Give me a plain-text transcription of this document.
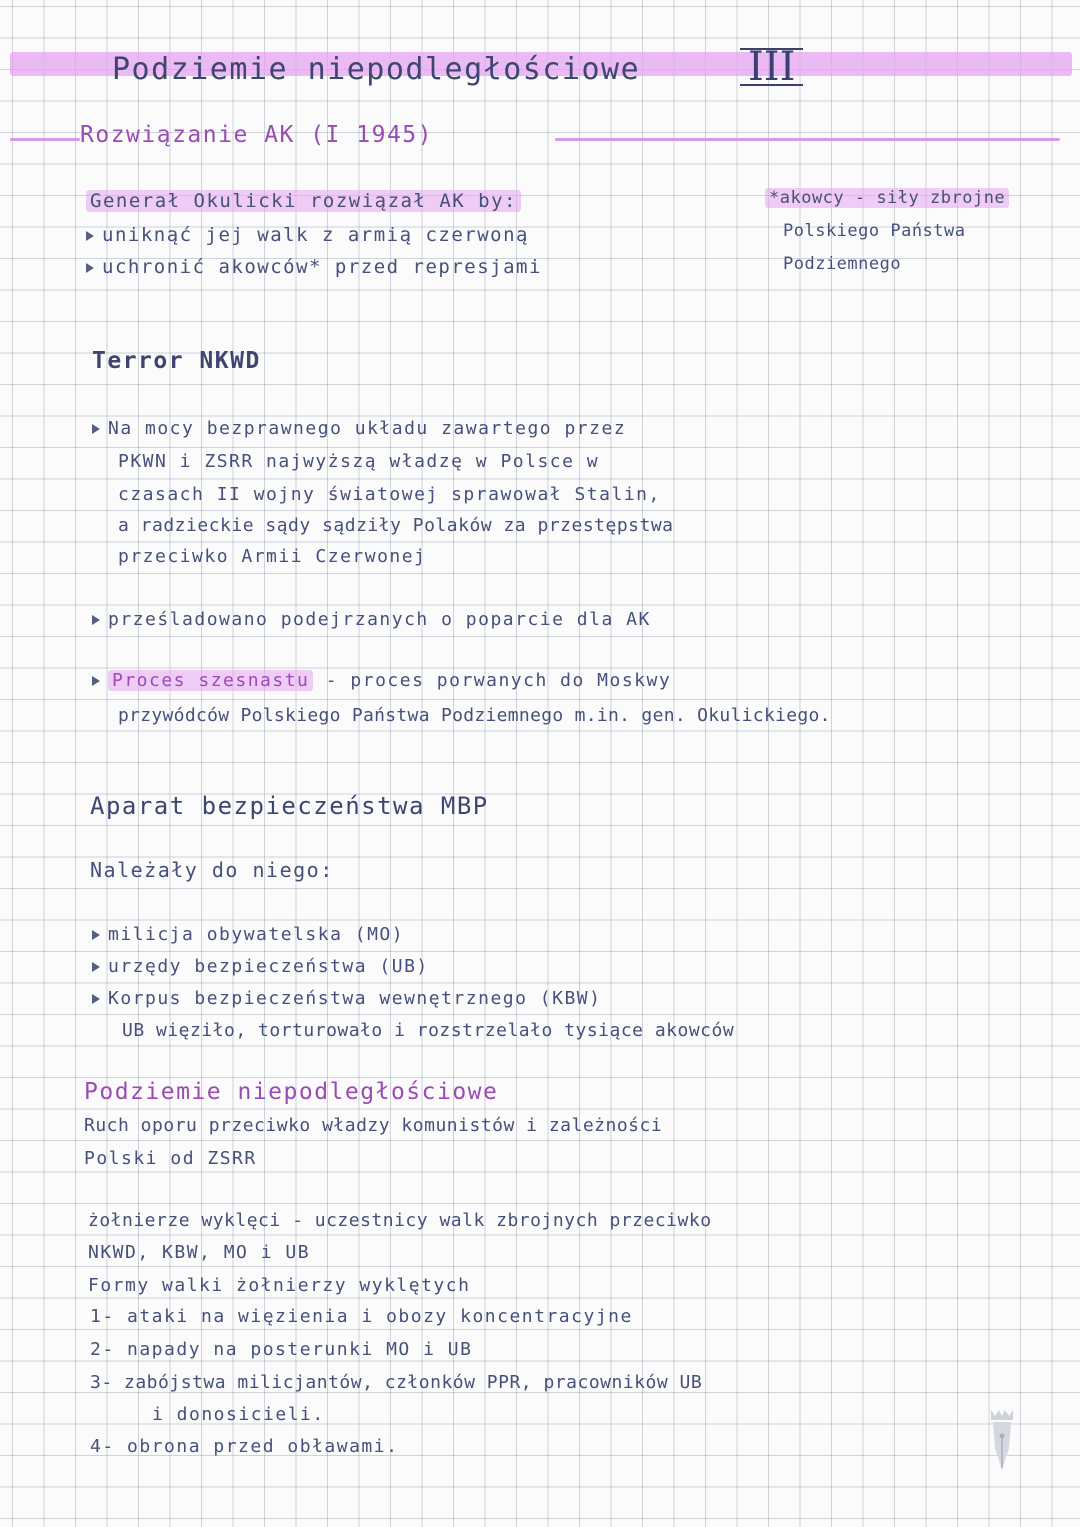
Podziemie niepodległościowe	III
Rozwiązanie AK (I 1945)
Generał Okulicki rozwiązał AK by:
uniknąć jej walk z armią czerwoną
uchronić akowców* przed represjami
*akowcy - siły zbrojne
Polskiego Państwa
Podziemnego
Terror NKWD
Na mocy bezprawnego układu zawartego przez
PKWN i ZSRR najwyższą władzę w Polsce w
czasach II wojny światowej sprawował Stalin,
a radzieckie sądy sądziły Polaków za przestępstwa
przeciwko Armii Czerwonej
prześladowano podejrzanych o poparcie dla AK
Proces szesnastu - proces porwanych do Moskwy
przywódców Polskiego Państwa Podziemnego m.in. gen. Okulickiego.
Aparat bezpieczeństwa MBP
Należały do niego:
milicja obywatelska (MO)
urzędy bezpieczeństwa (UB)
Korpus bezpieczeństwa wewnętrznego (KBW)
UB więziło, torturowało i rozstrzelało tysiące akowców
Podziemie niepodległościowe
Ruch oporu przeciwko władzy komunistów i zależności
Polski od ZSRR
żołnierze wyklęci - uczestnicy walk zbrojnych przeciwko
NKWD, KBW, MO i UB
Formy walki żołnierzy wyklętych
1- ataki na więzienia i obozy koncentracyjne
2- napady na posterunki MO i UB
3- zabójstwa milicjantów, członków PPR, pracowników UB
i donosicieli.
4- obrona przed obławami.
